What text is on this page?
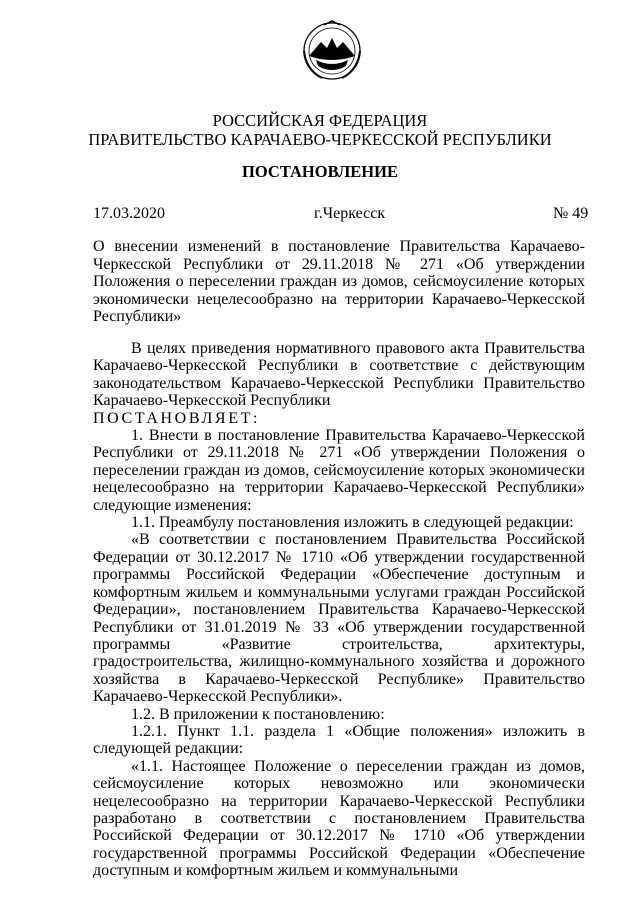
РОССИЙСКАЯ ФЕДЕРАЦИЯ
ПРАВИТЕЛЬСТВО КАРАЧАЕВО-ЧЕРКЕССКОЙ РЕСПУБЛИКИ
ПОСТАНОВЛЕНИЕ
17.03.2020	г.Черкесск	№ 49
О внесении изменений в постановление Правительства Карачаево-Черкесской Республики от 29.11.2018 № 271 «Об утверждении Положения о переселении граждан из домов, сейсмоусиление которых экономически нецелесообразно на территории Карачаево-Черкесской Республики»

В целях приведения нормативного правового акта Правительства Карачаево-Черкесской Республики в соответствие с действующим законодательством Карачаево-Черкесской Республики Правительство Карачаево-Черкесской Республики

ПОСТАНОВЛЯЕТ:

1. Внести в постановление Правительства Карачаево-Черкесской Республики от 29.11.2018 № 271 «Об утверждении Положения о переселении граждан из домов, сейсмоусиление которых экономически нецелесообразно на территории Карачаево-Черкесской Республики» следующие изменения:

1.1. Преамбулу постановления изложить в следующей редакции:

«В соответствии с постановлением Правительства Российской Федерации от 30.12.2017 № 1710 «Об утверждении государственной программы Российской Федерации «Обеспечение доступным и комфортным жильем и коммунальными услугами граждан Российской Федерации», постановлением Правительства Карачаево-Черкесской Республики от 31.01.2019 № 33 «Об утверждении государственной программы «Развитие строительства, архитектуры, градостроительства, жилищно-коммунального хозяйства и дорожного хозяйства в Карачаево-Черкесской Республике» Правительство Карачаево-Черкесской Республики».

1.2. В приложении к постановлению:

1.2.1. Пункт 1.1. раздела 1 «Общие положения» изложить в следующей редакции:

«1.1. Настоящее Положение о переселении граждан из домов, сейсмоусиление которых невозможно или экономически нецелесообразно на территории Карачаево-Черкесской Республики разработано в соответствии с постановлением Правительства Российской Федерации от 30.12.2017 № 1710 «Об утверждении государственной программы Российской Федерации «Обеспечение доступным и комфортным жильем и коммунальными
